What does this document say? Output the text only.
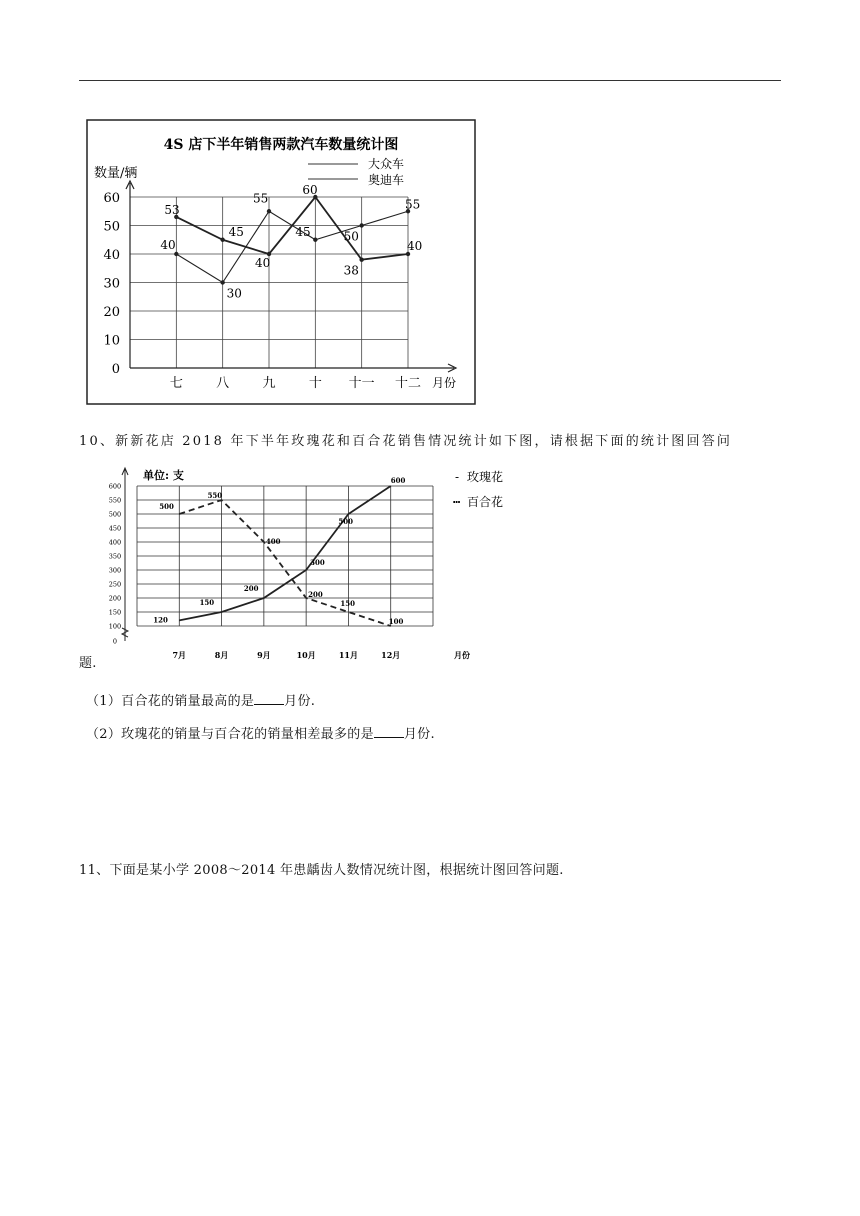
4S 店下半年销售两款汽车数量统计图
数量/辆
53
45
40
60
38
40
40
30
55
45	50
55
0
10
20
30
40
50
60
七	八	九	十 十一 十二
大众车
奥迪车
月份
10、新新花店 2018 年下半年玫瑰花和百合花销售情况统计如下图，请根据下面的统计图回答问
单位: 支
120
150
200
300
500
600
500
550
400
200
150
100
0
100
150
200
250
300
350
400
450
500
550
600
7月	8月	9月	10月	11月	12月
- 玫瑰花
┅ 百合花
月份
题.
（1）百合花的销量最高的是 月份.
（2）玫瑰花的销量与百合花的销量相差最多的是 月份.
11、下面是某小学 2008～2014 年患龋齿人数情况统计图，根据统计图回答问题.
